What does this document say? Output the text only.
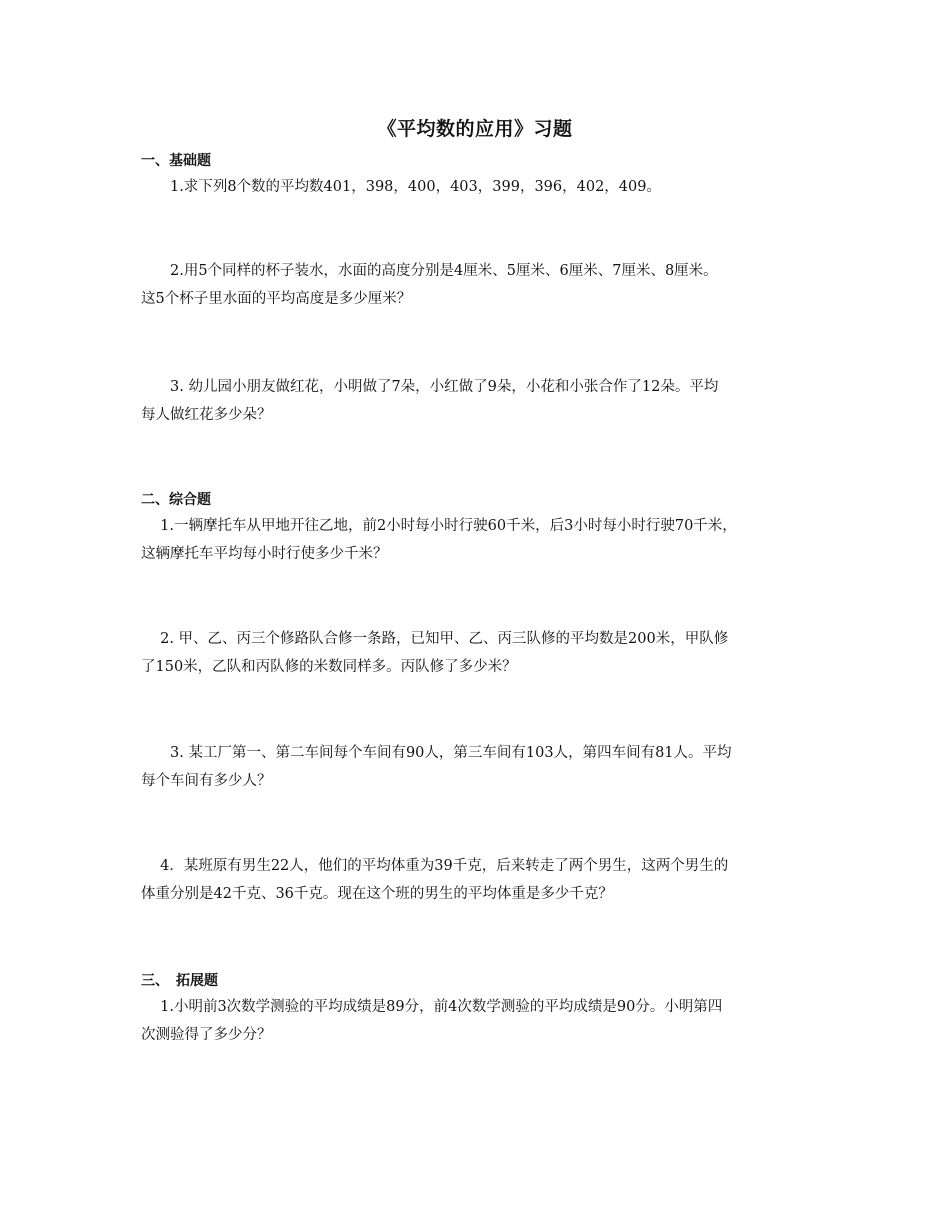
《平均数的应用》习题
一、基础题
　　1.求下列8个数的平均数401，398，400，403，399，396，402，409。
　　2.用5个同样的杯子装水，水面的高度分别是4厘米、5厘米、6厘米、7厘米、8厘米。
这5个杯子里水面的平均高度是多少厘米？
　　3. 幼儿园小朋友做红花，小明做了7朵，小红做了9朵，小花和小张合作了12朵。平均
每人做红花多少朵？
二、综合题
　 1.一辆摩托车从甲地开往乙地，前2小时每小时行驶60千米，后3小时每小时行驶70千米，
这辆摩托车平均每小时行使多少千米？
　 2. 甲、乙、丙三个修路队合修一条路，已知甲、乙、丙三队修的平均数是200米，甲队修
了150米，乙队和丙队修的米数同样多。丙队修了多少米？
　　3. 某工厂第一、第二车间每个车间有90人，第三车间有103人，第四车间有81人。平均
每个车间有多少人？
　 4．某班原有男生22人，他们的平均体重为39千克，后来转走了两个男生，这两个男生的
体重分别是42千克、36千克。现在这个班的男生的平均体重是多少千克？
三、　拓展题
　 1.小明前3次数学测验的平均成绩是89分，前4次数学测验的平均成绩是90分。小明第四
次测验得了多少分？
